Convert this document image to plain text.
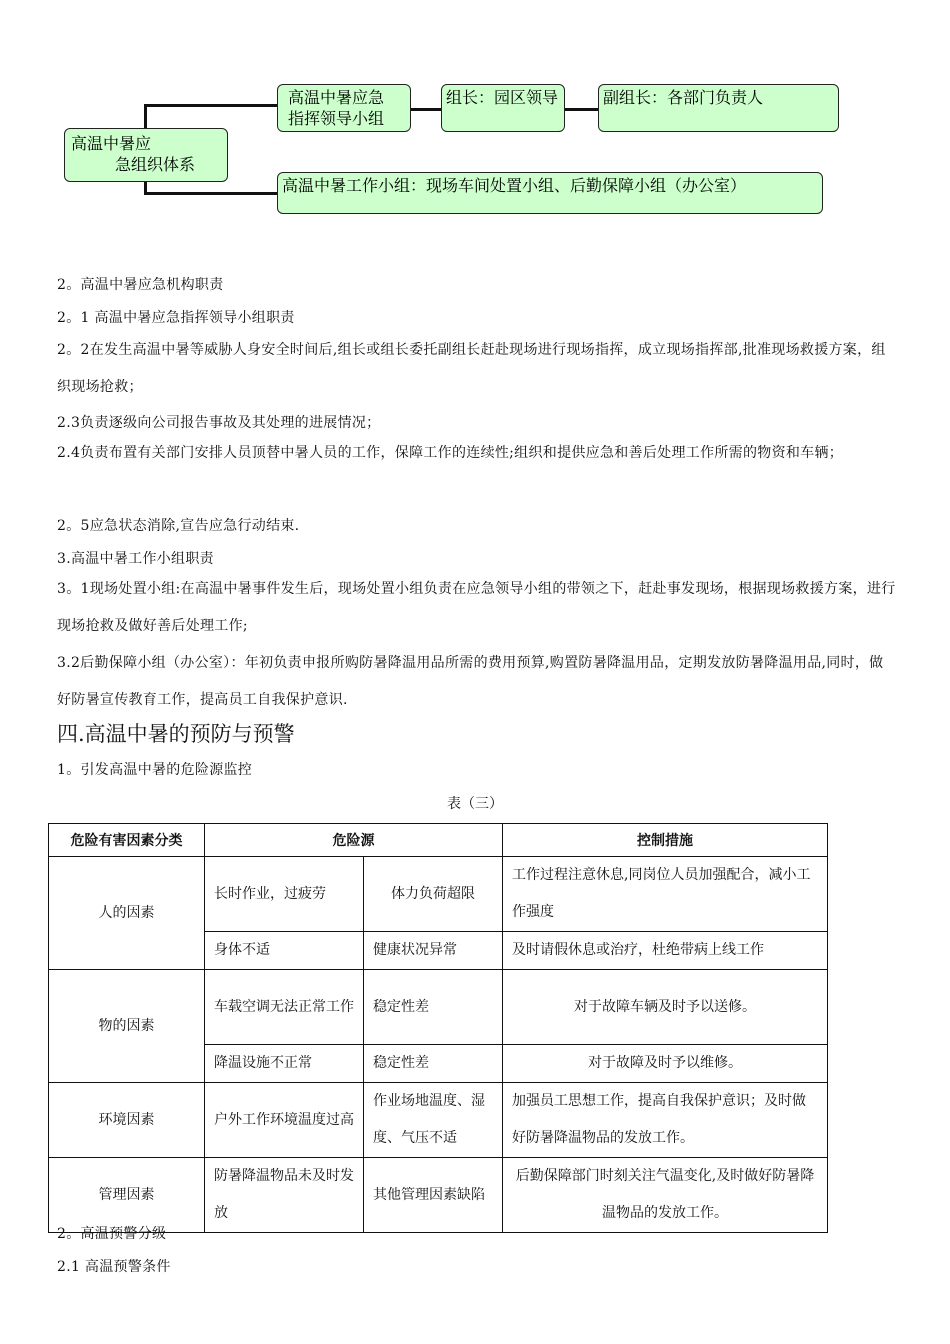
高温中暑应
急组织体系
高温中暑应急
指挥领导小组
组长：园区领导	副组长：各部门负责人
高温中暑工作小组：现场车间处置小组、后勤保障小组（办公室）
2。高温中暑应急机构职责
2。1 高温中暑应急指挥领导小组职责
2。2在发生高温中暑等威胁人身安全时间后,组长或组长委托副组长赶赴现场进行现场指挥，成立现场指挥部,批准现场救援方案，组织现场抢救；
2.3负责逐级向公司报告事故及其处理的进展情况；
2.4负责布置有关部门安排人员顶替中暑人员的工作，保障工作的连续性;组织和提供应急和善后处理工作所需的物资和车辆；
2。5应急状态消除,宣告应急行动结束.
3.高温中暑工作小组职责
3。1现场处置小组:在高温中暑事件发生后，现场处置小组负责在应急领导小组的带领之下，赶赴事发现场，根据现场救援方案，进行现场抢救及做好善后处理工作;
3.2后勤保障小组（办公室）：年初负责申报所购防暑降温用品所需的费用预算,购置防暑降温用品，定期发放防暑降温用品,同时，做好防暑宣传教育工作，提高员工自我保护意识.
四.高温中暑的预防与预警
1。引发高温中暑的危险源监控
表（三）
危险有害因素分类	危险源		控制措施
人的因素	长时作业，过疲劳	体力负荷超限	工作过程注意休息,同岗位人员加强配合，减小工作强度
	身体不适	健康状况异常	及时请假休息或治疗，杜绝带病上线工作
物的因素	车载空调无法正常工作	稳定性差	对于故障车辆及时予以送修。
	降温设施不正常	稳定性差	对于故障及时予以维修。
环境因素	户外工作环境温度过高	作业场地温度、湿度、气压不适	加强员工思想工作，提高自我保护意识；及时做好防暑降温物品的发放工作。
管理因素	防暑降温物品未及时发放	其他管理因素缺陷	后勤保障部门时刻关注气温变化,及时做好防暑降温物品的发放工作。
2。高温预警分级
2.1 高温预警条件
